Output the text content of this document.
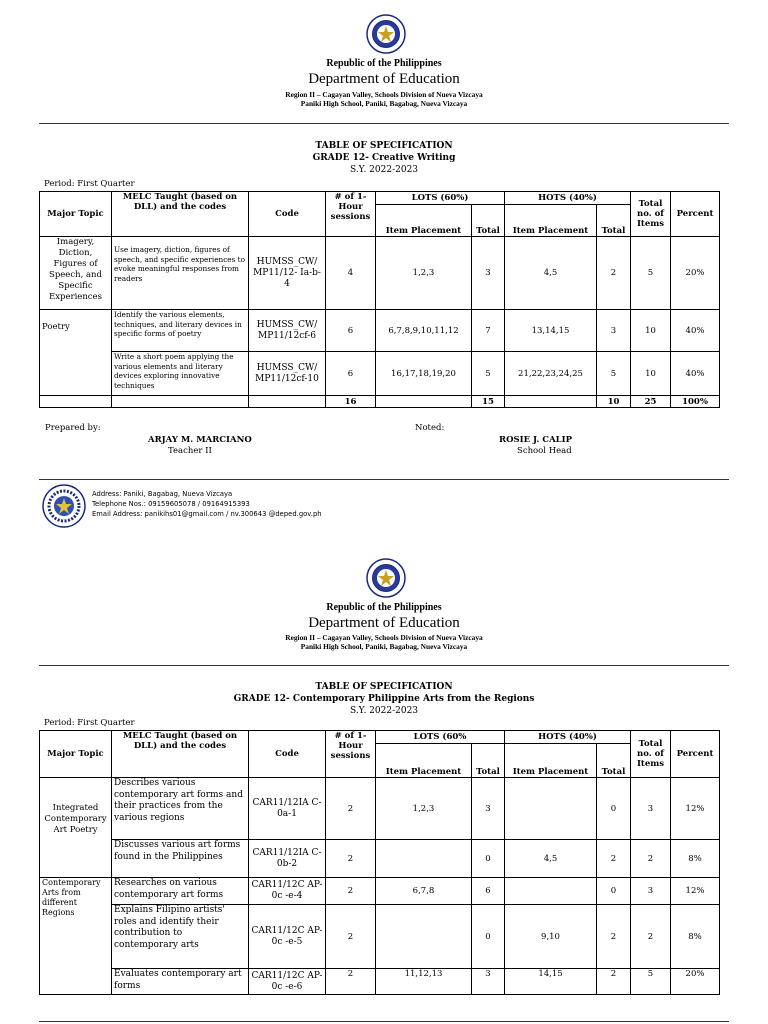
Republic of the Philippines
Department of Education
Region II – Cagayan Valley, Schools Division of Nueva Vizcaya
Paniki High School, Paniki, Bagabag, Nueva Vizcaya
TABLE OF SPECIFICATION
GRADE 12- Creative Writing
S.Y. 2022-2023
Period: First Quarter
Major Topic	MELC Taught (based on DLL) and the codes	Code	# of 1-Hour sessions	LOTS (60%)		HOTS (40%)		Total no. of Items	Percent
				Item Placement	Total	Item Placement	Total		
Imagery, Diction, Figures of Speech, and Specific Experiences	Use imagery, diction, figures of speech, and specific experiences to evoke meaningful responses from readers	HUMSS_CW/ MP11/12- Ia-b-4	4	1,2,3	3	4,5	2	5	20%
Poetry	Identify the various elements, techniques, and literary devices in specific forms of poetry	HUMSS_CW/ MP11/12cf-6	6	6,7,8,9,10,11,12	7	13,14,15	3	10	40%
	Write a short poem applying the various elements and literary devices exploring innovative techniques	HUMSS_CW/ MP11/12cf-10	6	16,17,18,19,20	5	21,22,23,24,25	5	10	40%
			16		15		10	25	100%
Prepared by:
ARJAY M. MARCIANO
Teacher II
Noted:
ROSIE J. CALIP
School Head
Address: Paniki, Bagabag, Nueva Vizcaya
Telephone Nos.: 09159605078 / 09164915393
Email Address: panikihs01@gmail.com / nv.300643 @deped.gov.ph
Republic of the Philippines
Department of Education
Region II – Cagayan Valley, Schools Division of Nueva Vizcaya
Paniki High School, Paniki, Bagabag, Nueva Vizcaya
TABLE OF SPECIFICATION
GRADE 12- Contemporary Philippine Arts from the Regions
S.Y. 2022-2023
Period: First Quarter
Major Topic	MELC Taught (based on DLL) and the codes	Code	# of 1-Hour sessions	LOTS (60%		HOTS (40%)		Total no. of Items	Percent
				Item Placement	Total	Item Placement	Total		
Integrated Contemporary Art Poetry	Describes various contemporary art forms and their practices from the various regions	CAR11/12IA C-0a-1	2	1,2,3	3		0	3	12%
	Discusses various art forms found in the Philippines	CAR11/12IA C-0b-2	2		0	4,5	2	2	8%
Contemporary Arts from different Regions	Researches on various contemporary art forms	CAR11/12C AP-0c -e-4	2	6,7,8	6		0	3	12%
	Explains Filipino artists' roles and identify their contribution to contemporary arts	CAR11/12C AP-0c -e-5	2		0	9,10	2	2	8%
	Evaluates contemporary art forms	CAR11/12C AP-0c -e-6	2	11,12,13	3	14,15	2	5	20%
